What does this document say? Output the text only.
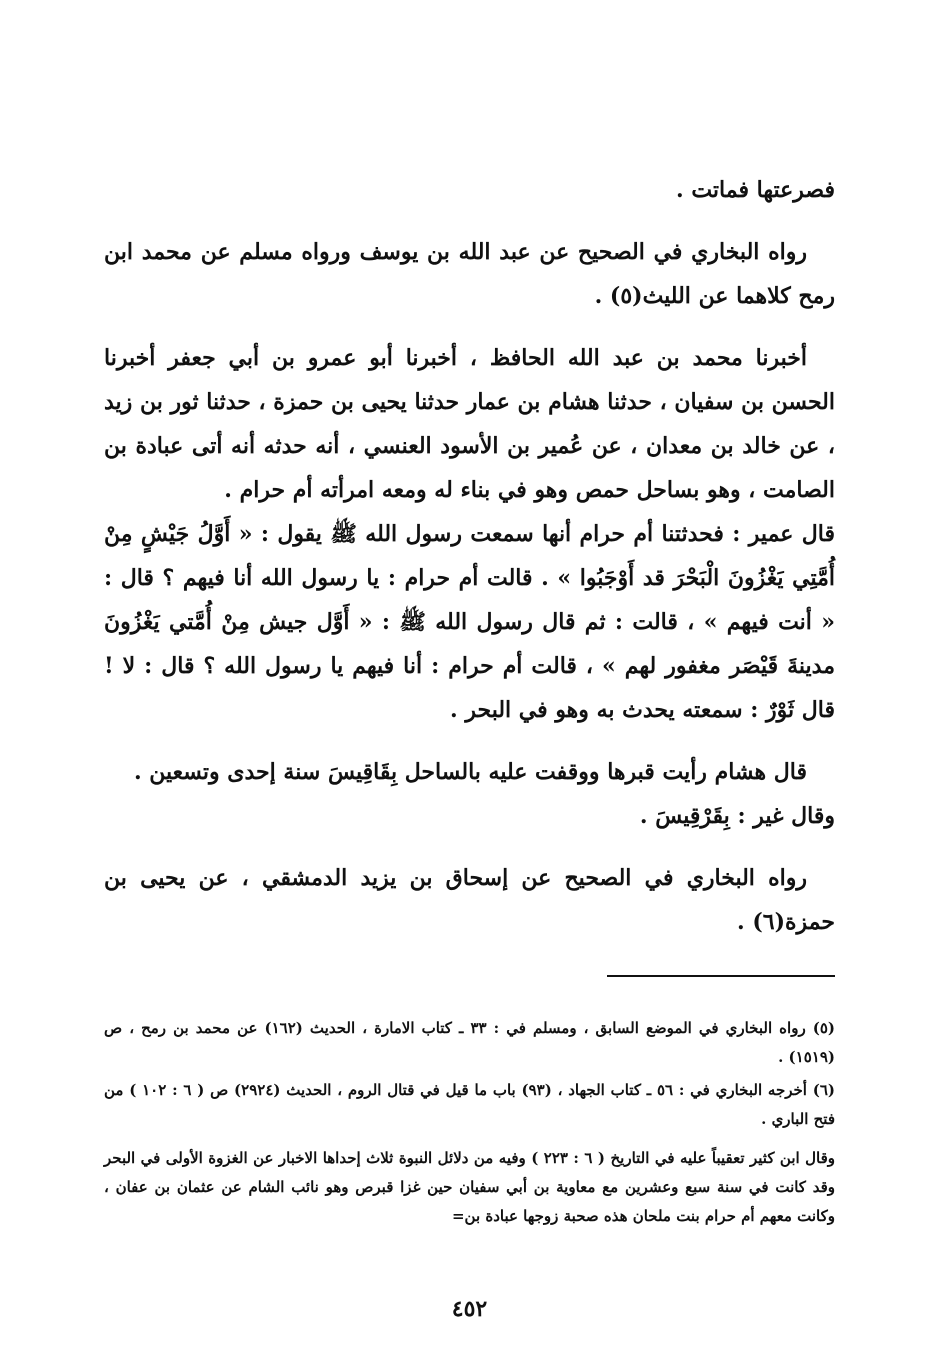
فصرعتها فماتت .

رواه البخاري في الصحيح عن عبد الله بن يوسف ورواه مسلم عن محمد ابن رمح كلاهما عن الليث(٥) .

أخبرنا محمد بن عبد الله الحافظ ، أخبرنا أبو عمرو بن أبي جعفر أخبرنا الحسن بن سفيان ، حدثنا هشام بن عمار حدثنا يحيى بن حمزة ، حدثنا ثور بن زيد ، عن خالد بن معدان ، عن عُمير بن الأسود العنسي ، أنه حدثه أنه أتى عبادة بن الصامت ، وهو بساحل حمص وهو في بناء له ومعه امرأته أم حرام .

قال عمير : فحدثتنا أم حرام أنها سمعت رسول الله ﷺ يقول : « أَوَّلُ جَيْشٍ مِنْ أُمَّتِي يَغْزُونَ الْبَحْرَ قد أَوْجَبُوا » . قالت أم حرام : يا رسول الله أنا فيهم ؟ قال : « أنت فيهم » ، قالت : ثم قال رسول الله ﷺ : « أَوَّل جيش مِنْ أُمَّتي يَغْزُونَ مدينةَ قَيْصَر مغفور لهم » ، قالت أم حرام : أنا فيهم يا رسول الله ؟ قال : لا ! قال ثَوْرٌ : سمعته يحدث به وهو في البحر .

قال هشام رأيت قبرها ووقفت عليه بالساحل بِقَاقِيسَ سنة إحدى وتسعين .

وقال غير : بِقَرْقِيسَ .

رواه البخاري في الصحيح عن إسحاق بن يزيد الدمشقي ، عن يحيى بن حمزة(٦) .

(٥) رواه البخاري في الموضع السابق ، ومسلم في : ٣٣ ـ كتاب الامارة ، الحديث (١٦٢) عن محمد بن رمح ، ص (١٥١٩) .

(٦) أخرجه البخاري في : ٥٦ ـ كتاب الجهاد ، (٩٣) باب ما قيل في قتال الروم ، الحديث (٢٩٢٤) ص ( ٦ : ١٠٢ ) من فتح الباري .

وقال ابن كثير تعقيباً عليه في التاريخ ( ٦ : ٢٢٣ ) وفيه من دلائل النبوة ثلاث إحداها الاخبار عن الغزوة الأولى في البحر وقد كانت في سنة سبع وعشرين مع معاوية بن أبي سفيان حين غزا قبرص وهو نائب الشام عن عثمان بن عفان ، وكانت معهم أم حرام بنت ملحان هذه صحبة زوجها عبادة بن=

٤٥٢
